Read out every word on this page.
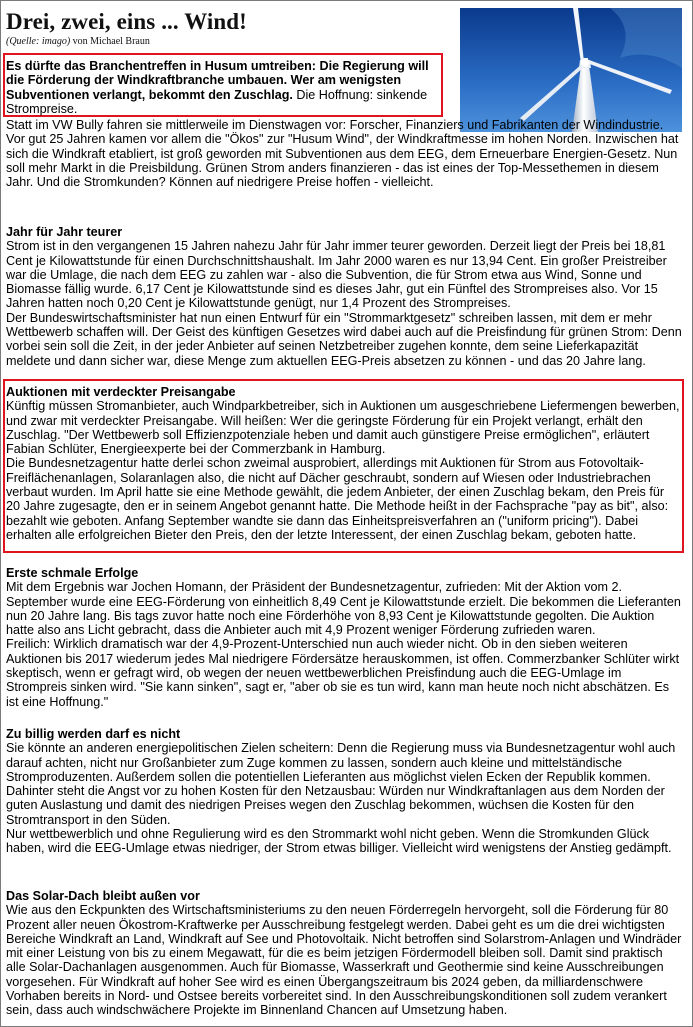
Drei, zwei, eins ... Wind!
(Quelle: imago) von Michael Braun

Es dürfte das Branchentreffen in Husum umtreiben: Die Regierung will die Förderung der Windkraftbranche umbauen. Wer am wenigsten Subventionen verlangt, bekommt den Zuschlag. Die Hoffnung: sinkende Strompreise.

Statt im VW Bully fahren sie mittlerweile im Dienstwagen vor: Forscher, Finanziers und Fabrikanten der Windindustrie. Vor gut 25 Jahren kamen vor allem die "Ökos" zur "Husum Wind", der Windkraftmesse im hohen Norden. Inzwischen hat sich die Windkraft etabliert, ist groß geworden mit Subventionen aus dem EEG, dem Erneuerbare Energien-Gesetz. Nun soll mehr Markt in die Preisbildung. Grünen Strom anders finanzieren - das ist eines der Top-Messethemen in diesem Jahr. Und die Stromkunden? Können auf niedrigere Preise hoffen - vielleicht.

Jahr für Jahr teurer

Strom ist in den vergangenen 15 Jahren nahezu Jahr für Jahr immer teurer geworden. Derzeit liegt der Preis bei 18,81 Cent je Kilowattstunde für einen Durchschnittshaushalt. Im Jahr 2000 waren es nur 13,94 Cent. Ein großer Preistreiber war die Umlage, die nach dem EEG zu zahlen war - also die Subvention, die für Strom etwa aus Wind, Sonne und Biomasse fällig wurde. 6,17 Cent je Kilowattstunde sind es dieses Jahr, gut ein Fünftel des Strompreises also. Vor 15 Jahren hatten noch 0,20 Cent je Kilowattstunde genügt, nur 1,4 Prozent des Strompreises.

Der Bundeswirtschaftsminister hat nun einen Entwurf für ein "Strommarktgesetz" schreiben lassen, mit dem er mehr Wettbewerb schaffen will. Der Geist des künftigen Gesetzes wird dabei auch auf die Preisfindung für grünen Strom: Denn vorbei sein soll die Zeit, in der jeder Anbieter auf seinen Netzbetreiber zugehen konnte, dem seine Lieferkapazität meldete und dann sicher war, diese Menge zum aktuellen EEG-Preis absetzen zu können - und das 20 Jahre lang.

Auktionen mit verdeckter Preisangabe

Künftig müssen Stromanbieter, auch Windparkbetreiber, sich in Auktionen um ausgeschriebene Liefermengen bewerben, und zwar mit verdeckter Preisangabe. Will heißen: Wer die geringste Förderung für ein Projekt verlangt, erhält den Zuschlag. "Der Wettbewerb soll Effizienzpotenziale heben und damit auch günstigere Preise ermöglichen", erläutert Fabian Schlüter, Energieexperte bei der Commerzbank in Hamburg.

Die Bundesnetzagentur hatte derlei schon zweimal ausprobiert, allerdings mit Auktionen für Strom aus Fotovoltaik-Freiflächenanlagen, Solaranlagen also, die nicht auf Dächer geschraubt, sondern auf Wiesen oder Industriebrachen verbaut wurden. Im April hatte sie eine Methode gewählt, die jedem Anbieter, der einen Zuschlag bekam, den Preis für 20 Jahre zugesagte, den er in seinem Angebot genannt hatte. Die Methode heißt in der Fachsprache "pay as bit", also: bezahlt wie geboten. Anfang September wandte sie dann das Einheitspreisverfahren an ("uniform pricing"). Dabei erhalten alle erfolgreichen Bieter den Preis, den der letzte Interessent, der einen Zuschlag bekam, geboten hatte.

Erste schmale Erfolge

Mit dem Ergebnis war Jochen Homann, der Präsident der Bundesnetzagentur, zufrieden: Mit der Aktion vom 2. September wurde eine EEG-Förderung von einheitlich 8,49 Cent je Kilowattstunde erzielt. Die bekommen die Lieferanten nun 20 Jahre lang. Bis tags zuvor hatte noch eine Förderhöhe von 8,93 Cent je Kilowattstunde gegolten. Die Auktion hatte also ans Licht gebracht, dass die Anbieter auch mit 4,9 Prozent weniger Förderung zufrieden waren.

Freilich: Wirklich dramatisch war der 4,9-Prozent-Unterschied nun auch wieder nicht. Ob in den sieben weiteren Auktionen bis 2017 wiederum jedes Mal niedrigere Fördersätze herauskommen, ist offen. Commerzbanker Schlüter wirkt skeptisch, wenn er gefragt wird, ob wegen der neuen wettbewerblichen Preisfindung auch die EEG-Umlage im Strompreis sinken wird. "Sie kann sinken", sagt er, "aber ob sie es tun wird, kann man heute noch nicht abschätzen. Es ist eine Hoffnung."

Zu billig werden darf es nicht

Sie könnte an anderen energiepolitischen Zielen scheitern: Denn die Regierung muss via Bundesnetzagentur wohl auch darauf achten, nicht nur Großanbieter zum Zuge kommen zu lassen, sondern auch kleine und mittelständische Stromproduzenten. Außerdem sollen die potentiellen Lieferanten aus möglichst vielen Ecken der Republik kommen. Dahinter steht die Angst vor zu hohen Kosten für den Netzausbau: Würden nur Windkraftanlagen aus dem Norden der guten Auslastung und damit des niedrigen Preises wegen den Zuschlag bekommen, wüchsen die Kosten für den Stromtransport in den Süden.

Nur wettbewerblich und ohne Regulierung wird es den Strommarkt wohl nicht geben. Wenn die Stromkunden Glück haben, wird die EEG-Umlage etwas niedriger, der Strom etwas billiger. Vielleicht wird wenigstens der Anstieg gedämpft.

Das Solar-Dach bleibt außen vor

Wie aus den Eckpunkten des Wirtschaftsministeriums zu den neuen Förderregeln hervorgeht, soll die Förderung für 80 Prozent aller neuen Ökostrom-Kraftwerke per Ausschreibung festgelegt werden. Dabei geht es um die drei wichtigsten Bereiche Windkraft an Land, Windkraft auf See und Photovoltaik. Nicht betroffen sind Solarstrom-Anlagen und Windräder mit einer Leistung von bis zu einem Megawatt, für die es beim jetzigen Fördermodell bleiben soll. Damit sind praktisch alle Solar-Dachanlagen ausgenommen. Auch für Biomasse, Wasserkraft und Geothermie sind keine Ausschreibungen vorgesehen. Für Windkraft auf hoher See wird es einen Übergangszeitraum bis 2024 geben, da milliardenschwere Vorhaben bereits in Nord- und Ostsee bereits vorbereitet sind. In den Ausschreibungskonditionen soll zudem verankert sein, dass auch windschwächere Projekte im Binnenland Chancen auf Umsetzung haben.
